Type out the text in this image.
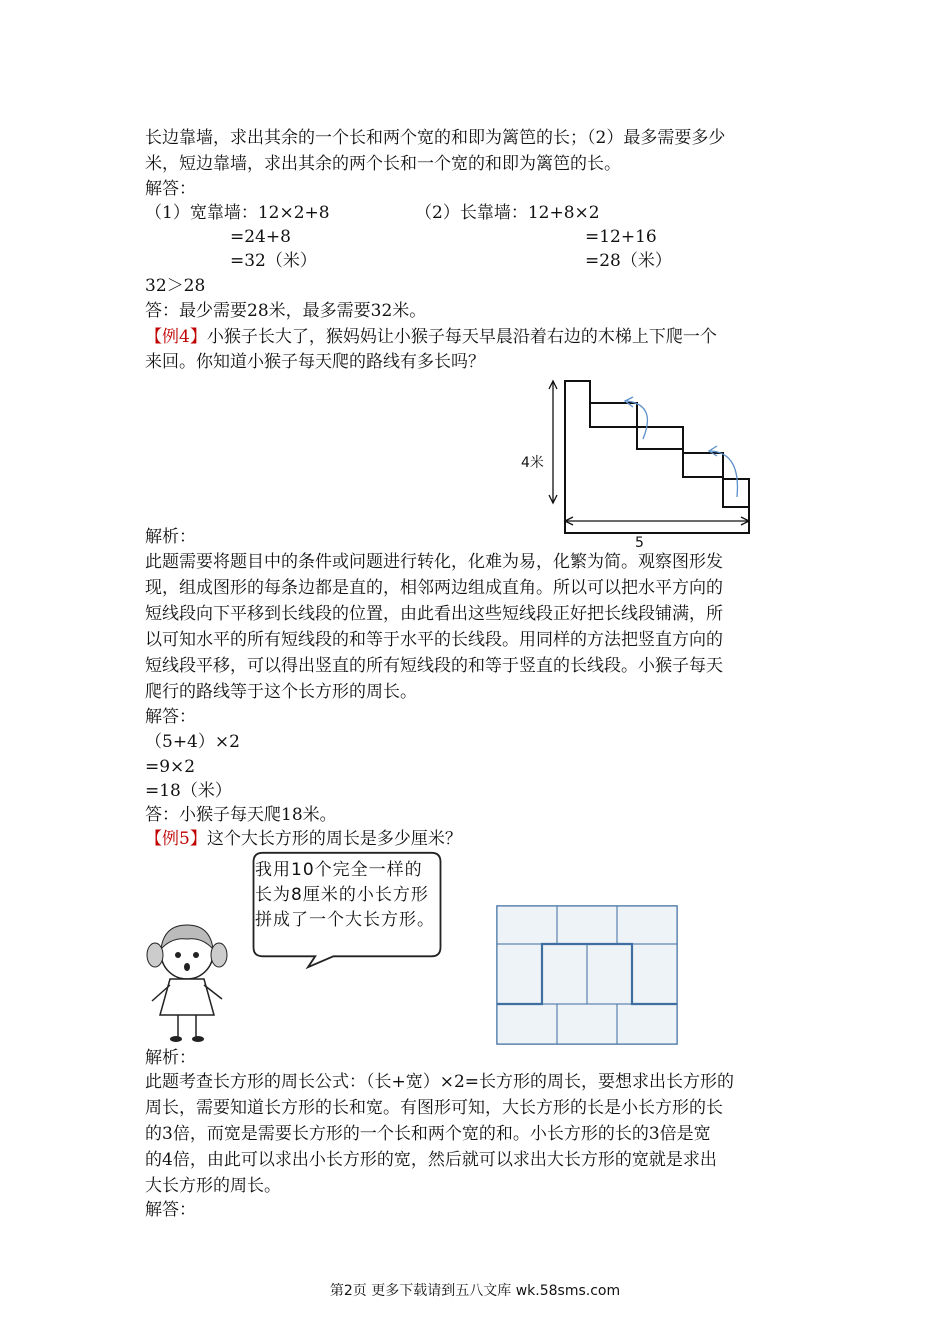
长边靠墙，求出其余的一个长和两个宽的和即为篱笆的长；（2）最多需要多少
米，短边靠墙，求出其余的两个长和一个宽的和即为篱笆的长。
解答：
（1）宽靠墙：12×2+8
=24+8
=32（米）
（2）长靠墙：12+8×2
=12+16
=28（米）
32＞28
答：最少需要28米，最多需要32米。
【例4】小猴子长大了，猴妈妈让小猴子每天早晨沿着右边的木梯上下爬一个
来回。你知道小猴子每天爬的路线有多长吗？
4米
5
解析：
此题需要将题目中的条件或问题进行转化，化难为易，化繁为简。观察图形发
现，组成图形的每条边都是直的，相邻两边组成直角。所以可以把水平方向的
短线段向下平移到长线段的位置，由此看出这些短线段正好把长线段铺满，所
以可知水平的所有短线段的和等于水平的长线段。用同样的方法把竖直方向的
短线段平移，可以得出竖直的所有短线段的和等于竖直的长线段。小猴子每天
爬行的路线等于这个长方形的周长。
解答：
（5+4）×2
=9×2
=18（米）
答：小猴子每天爬18米。
【例5】这个大长方形的周长是多少厘米？
我用10个完全一样的长为8厘米的小长方形拼成了一个大长方形。
解析：
此题考查长方形的周长公式：（长+宽）×2=长方形的周长，要想求出长方形的
周长，需要知道长方形的长和宽。有图形可知，大长方形的长是小长方形的长
的3倍，而宽是需要长方形的一个长和两个宽的和。小长方形的长的3倍是宽
的4倍，由此可以求出小长方形的宽，然后就可以求出大长方形的宽就是求出
大长方形的周长。
解答：
第2页 更多下载请到五八文库 wk.58sms.com
